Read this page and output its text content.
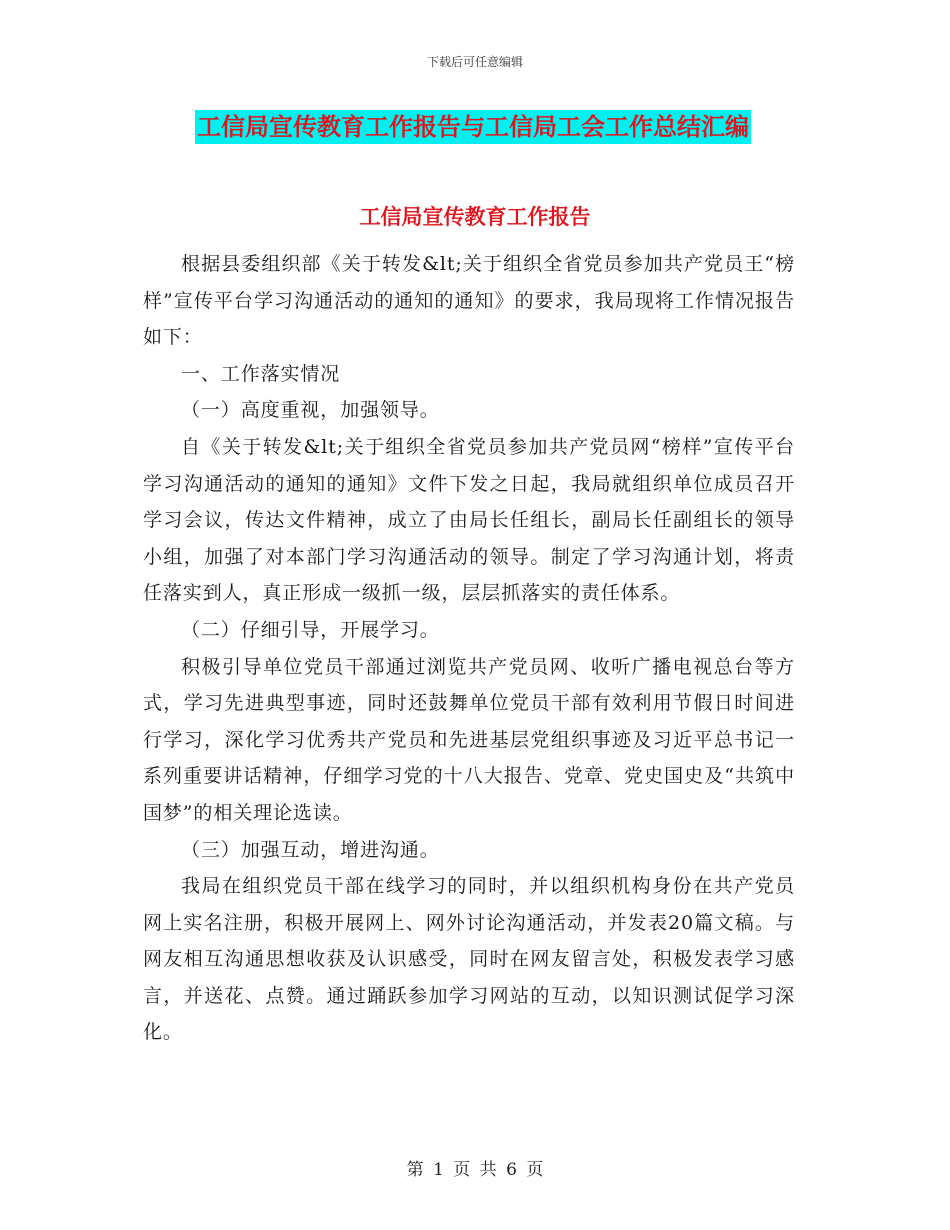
下载后可任意编辑
工信局宣传教育工作报告与工信局工会工作总结汇编
工信局宣传教育工作报告

根据县委组织部《关于转发&lt;关于组织全省党员参加共产党员王“榜样”宣传平台学习沟通活动的通知的通知》的要求，我局现将工作情况报告如下：

一、工作落实情况

（一）高度重视，加强领导。

自《关于转发&lt;关于组织全省党员参加共产党员网“榜样”宣传平台学习沟通活动的通知的通知》文件下发之日起，我局就组织单位成员召开学习会议，传达文件精神，成立了由局长任组长，副局长任副组长的领导小组，加强了对本部门学习沟通活动的领导。制定了学习沟通计划，将责任落实到人，真正形成一级抓一级，层层抓落实的责任体系。

（二）仔细引导，开展学习。

积极引导单位党员干部通过浏览共产党员网、收听广播电视总台等方式，学习先进典型事迹，同时还鼓舞单位党员干部有效利用节假日时间进行学习，深化学习优秀共产党员和先进基层党组织事迹及习近平总书记一系列重要讲话精神，仔细学习党的十八大报告、党章、党史国史及“共筑中国梦”的相关理论选读。

（三）加强互动，增进沟通。

我局在组织党员干部在线学习的同时，并以组织机构身份在共产党员网上实名注册，积极开展网上、网外讨论沟通活动，并发表20篇文稿。与网友相互沟通思想收获及认识感受，同时在网友留言处，积极发表学习感言，并送花、点赞。通过踊跃参加学习网站的互动，以知识测试促学习深化。

第 1 页 共 6 页
